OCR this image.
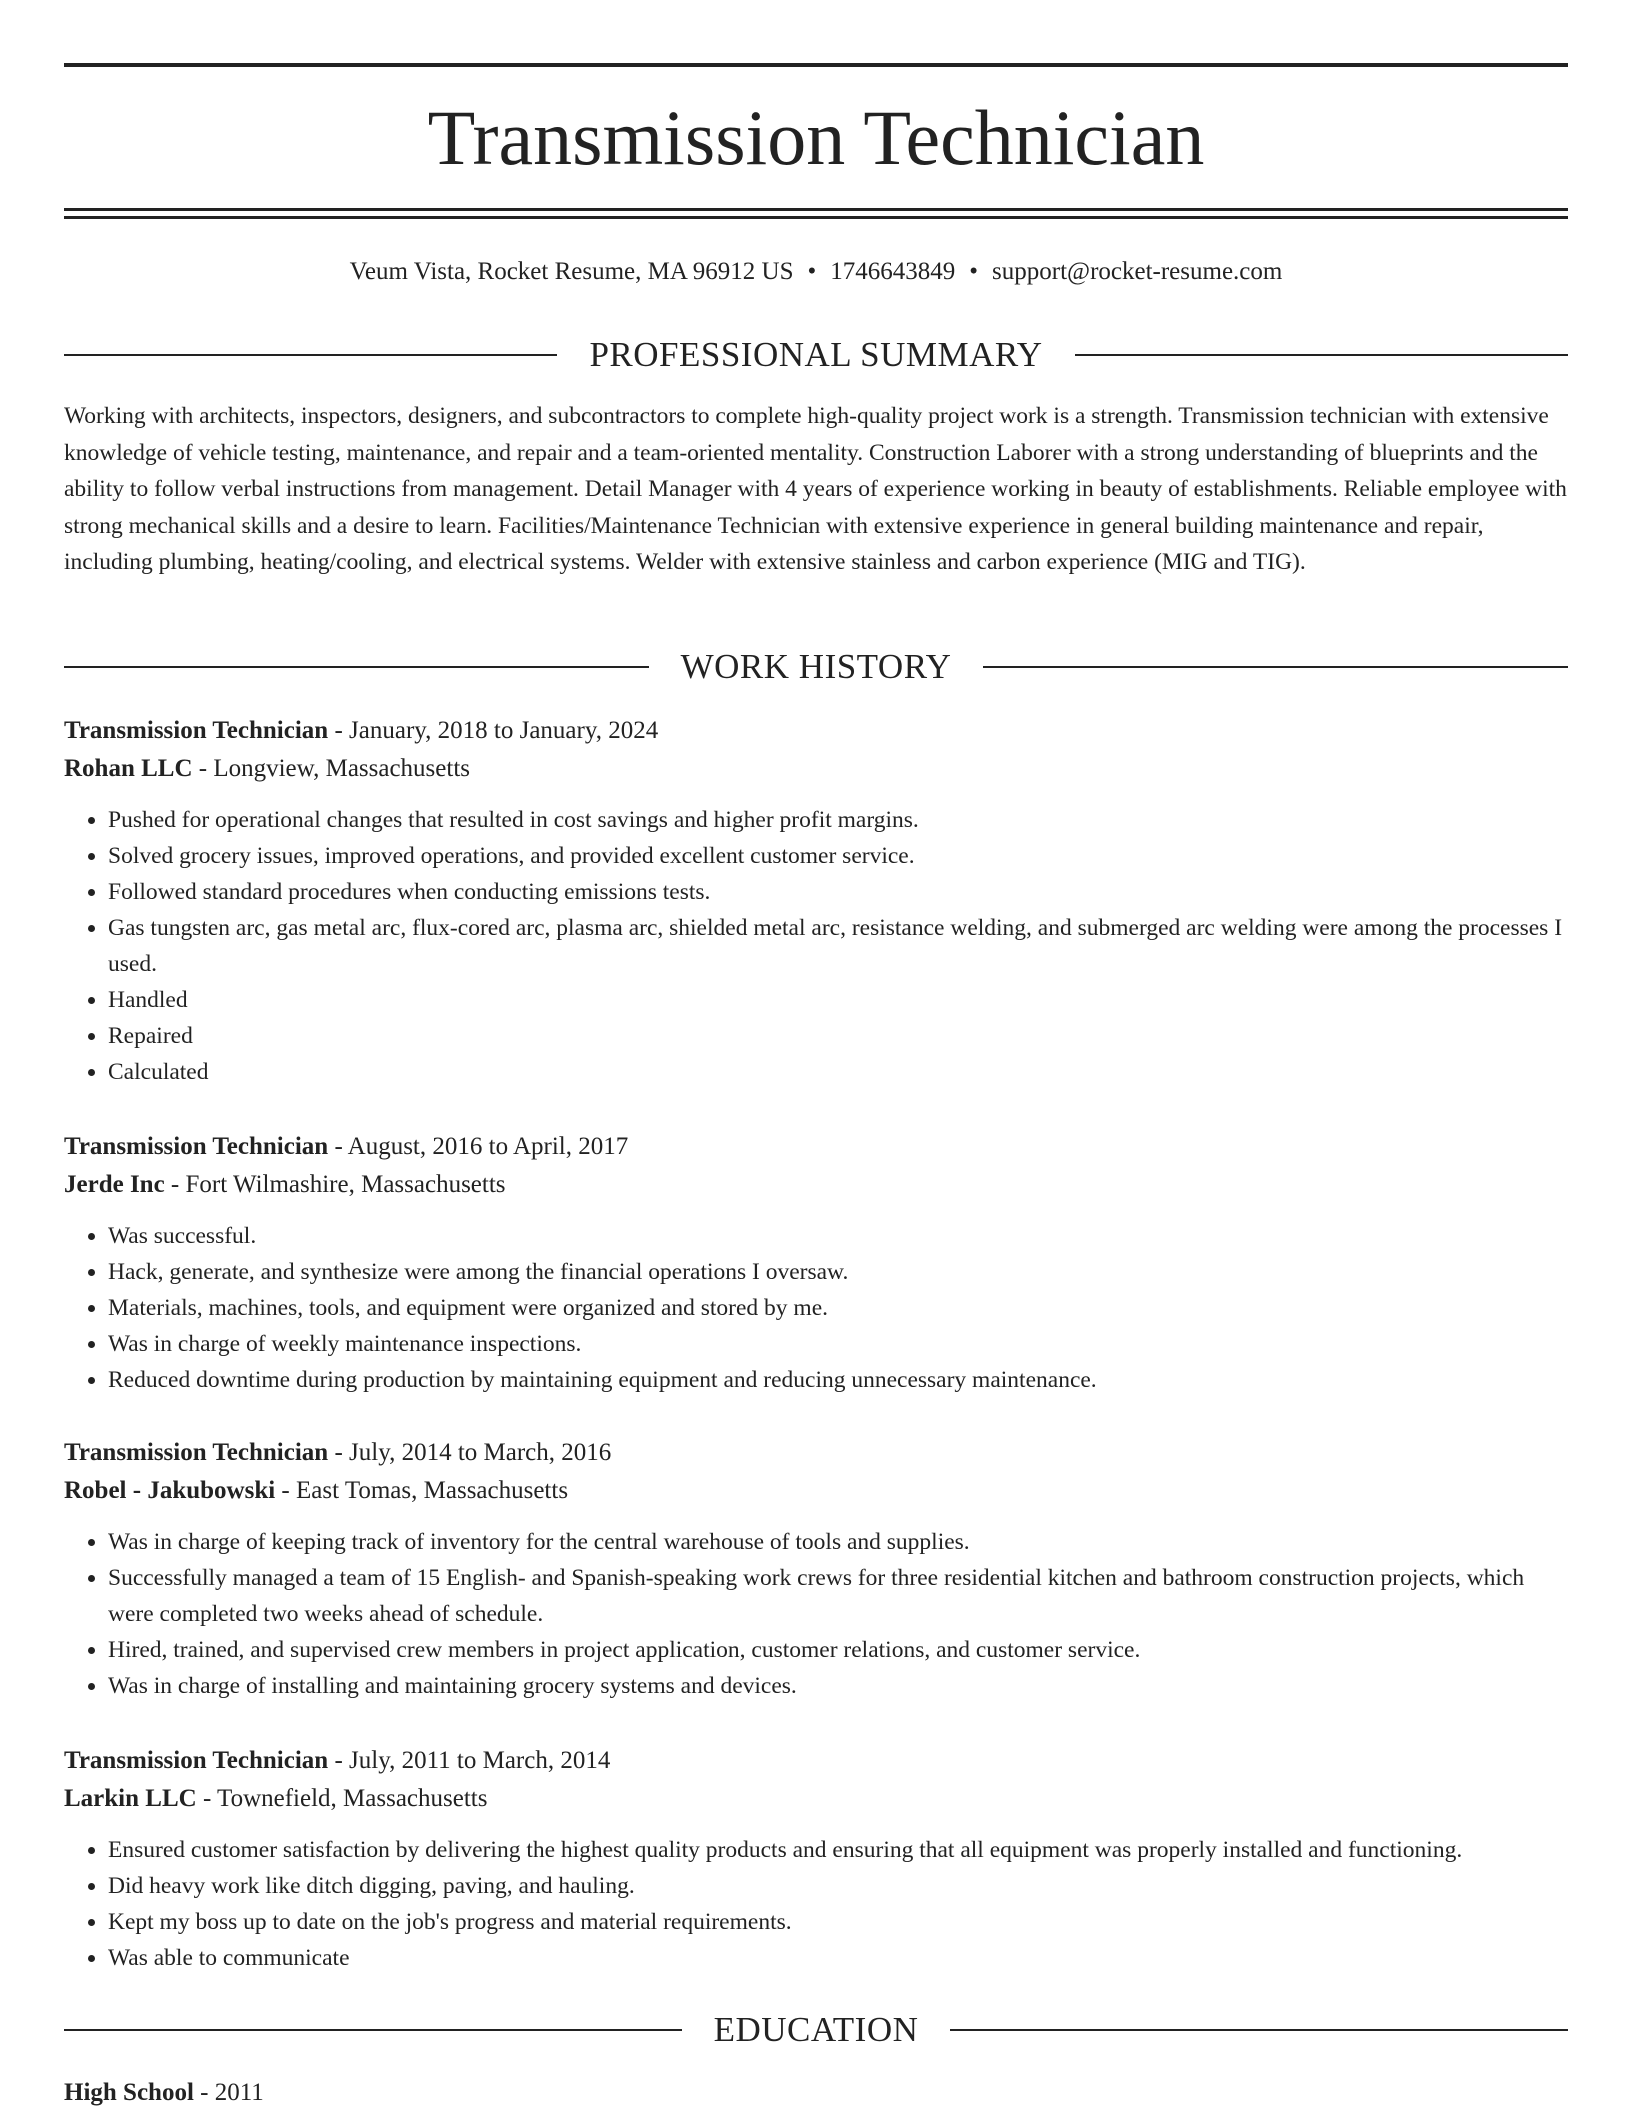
Transmission Technician
Veum Vista, Rocket Resume, MA 96912 US • 1746643849 • support@rocket-resume.com
PROFESSIONAL SUMMARY
Working with architects, inspectors, designers, and subcontractors to complete high-quality project work is a strength. Transmission technician with extensive knowledge of vehicle testing, maintenance, and repair and a team-oriented mentality. Construction Laborer with a strong understanding of blueprints and the ability to follow verbal instructions from management. Detail Manager with 4 years of experience working in beauty of establishments. Reliable employee with strong mechanical skills and a desire to learn. Facilities/Maintenance Technician with extensive experience in general building maintenance and repair, including plumbing, heating/cooling, and electrical systems. Welder with extensive stainless and carbon experience (MIG and TIG).
WORK HISTORY
Transmission Technician - January, 2018 to January, 2024
Rohan LLC - Longview, Massachusetts
• Pushed for operational changes that resulted in cost savings and higher profit margins.
• Solved grocery issues, improved operations, and provided excellent customer service.
• Followed standard procedures when conducting emissions tests.
• Gas tungsten arc, gas metal arc, flux-cored arc, plasma arc, shielded metal arc, resistance welding, and submerged arc welding were among the processes I used.
• Handled
• Repaired
• Calculated
Transmission Technician - August, 2016 to April, 2017
Jerde Inc - Fort Wilmashire, Massachusetts
• Was successful.
• Hack, generate, and synthesize were among the financial operations I oversaw.
• Materials, machines, tools, and equipment were organized and stored by me.
• Was in charge of weekly maintenance inspections.
• Reduced downtime during production by maintaining equipment and reducing unnecessary maintenance.
Transmission Technician - July, 2014 to March, 2016
Robel - Jakubowski - East Tomas, Massachusetts
• Was in charge of keeping track of inventory for the central warehouse of tools and supplies.
• Successfully managed a team of 15 English- and Spanish-speaking work crews for three residential kitchen and bathroom construction projects, which were completed two weeks ahead of schedule.
• Hired, trained, and supervised crew members in project application, customer relations, and customer service.
• Was in charge of installing and maintaining grocery systems and devices.
Transmission Technician - July, 2011 to March, 2014
Larkin LLC - Townefield, Massachusetts
• Ensured customer satisfaction by delivering the highest quality products and ensuring that all equipment was properly installed and functioning.
• Did heavy work like ditch digging, paving, and hauling.
• Kept my boss up to date on the job's progress and material requirements.
• Was able to communicate
EDUCATION
High School - 2011
